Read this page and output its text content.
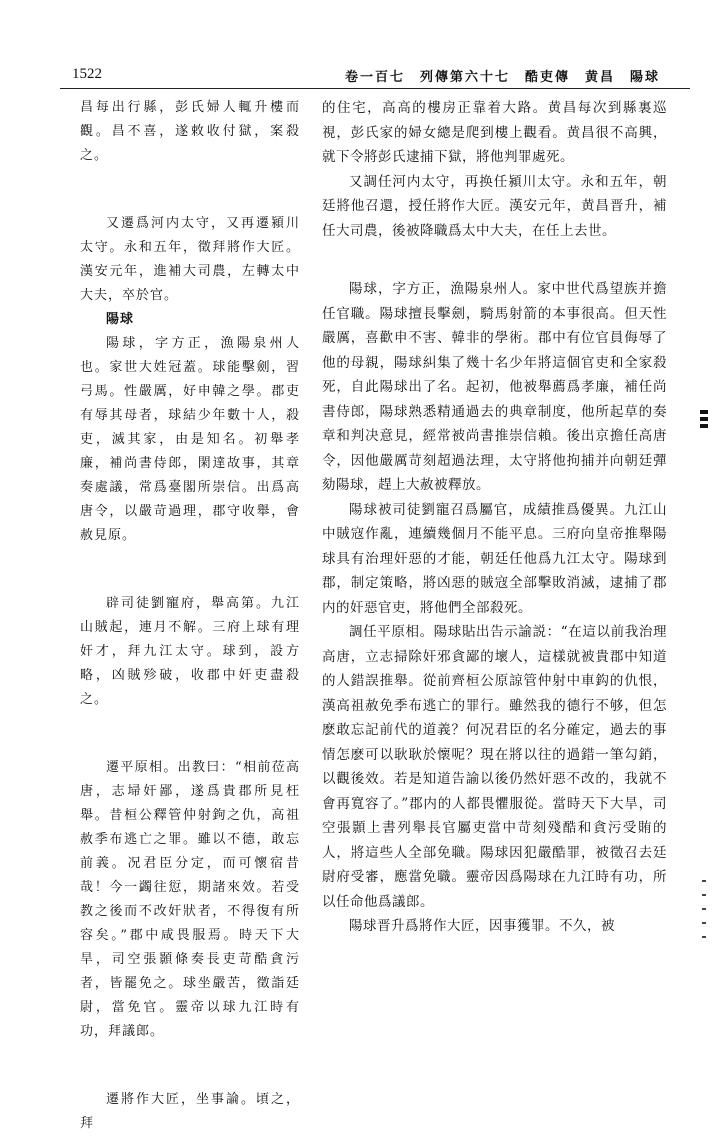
1522	卷一百七　列傳第六十七　酷吏傳　黄昌　陽球

昌每出行縣，彭氏婦人輒升樓而觀。昌不喜，遂敕收付獄，案殺之。

又遷爲河内太守，又再遷潁川太守。永和五年，徵拜將作大匠。漢安元年，進補大司農，左轉太中大夫，卒於官。

陽球

陽球，字方正，漁陽泉州人也。家世大姓冠蓋。球能擊劍，習弓馬。性嚴厲，好申韓之學。郡吏有辱其母者，球結少年數十人，殺吏，滅其家，由是知名。初舉孝廉，補尚書侍郎，閑達故事，其章奏處議，常爲臺閣所崇信。出爲高唐令，以嚴苛過理，郡守收舉，會赦見原。

辟司徒劉寵府，舉高第。九江山賊起，連月不解。三府上球有理奸才，拜九江太守。球到，設方略，凶賊殄破，收郡中奸吏盡殺之。

遷平原相。出教曰：“相前莅高唐，志埽奸鄙，遂爲貴郡所見枉舉。昔桓公釋管仲射鉤之仇，高祖赦季布逃亡之罪。雖以不德，敢忘前義。况君臣分定，而可懷宿昔哉！今一蠲往愆，期諸來效。若受教之後而不改奸狀者，不得復有所容矣。”郡中咸畏服焉。時天下大旱，司空張顥條奏長吏苛酷貪污者，皆罷免之。球坐嚴苦，徵詣廷尉，當免官。靈帝以球九江時有功，拜議郎。

遷將作大匠，坐事論。頃之，拜

的住宅，高高的樓房正靠着大路。黄昌每次到縣裏巡視，彭氏家的婦女總是爬到樓上觀看。黄昌很不高興，就下令將彭氏逮捕下獄，將他判罪處死。

又調任河内太守，再换任潁川太守。永和五年，朝廷將他召還，授任將作大匠。漢安元年，黄昌晋升，補任大司農，後被降職爲太中大夫，在任上去世。

陽球，字方正，漁陽泉州人。家中世代爲望族并擔任官職。陽球擅長擊劍，騎馬射箭的本事很高。但天性嚴厲，喜歡申不害、韓非的學術。郡中有位官員侮辱了他的母親，陽球糾集了幾十名少年將這個官吏和全家殺死，自此陽球出了名。起初，他被舉薦爲孝廉，補任尚書侍郎，陽球熟悉精通過去的典章制度，他所起草的奏章和判决意見，經常被尚書推崇信賴。後出京擔任高唐令，因他嚴厲苛刻超過法理，太守將他拘捕并向朝廷彈劾陽球，趕上大赦被釋放。

陽球被司徒劉寵召爲屬官，成績推爲優異。九江山中賊寇作亂，連續幾個月不能平息。三府向皇帝推舉陽球具有治理奸惡的才能，朝廷任他爲九江太守。陽球到郡，制定策略，將凶惡的賊寇全部擊敗消滅，逮捕了郡内的奸惡官吏，將他們全部殺死。

調任平原相。陽球貼出告示諭説：“在這以前我治理高唐，立志掃除奸邪貪鄙的壞人，這樣就被貴郡中知道的人錯誤推舉。從前齊桓公原諒管仲射中車鈎的仇恨，漢高祖赦免季布逃亡的罪行。雖然我的德行不够，但怎麽敢忘記前代的道義？何况君臣的名分確定，過去的事情怎麽可以耿耿於懷呢？現在將以往的過錯一筆勾銷，以觀後效。若是知道告諭以後仍然奸惡不改的，我就不會再寬容了。”郡内的人都畏懼服從。當時天下大旱，司空張顥上書列舉長官屬吏當中苛刻殘酷和貪污受賄的人，將這些人全部免職。陽球因犯嚴酷罪，被徵召去廷尉府受審，應當免職。靈帝因爲陽球在九江時有功，所以任命他爲議郎。

陽球晋升爲將作大匠，因事獲罪。不久，被
